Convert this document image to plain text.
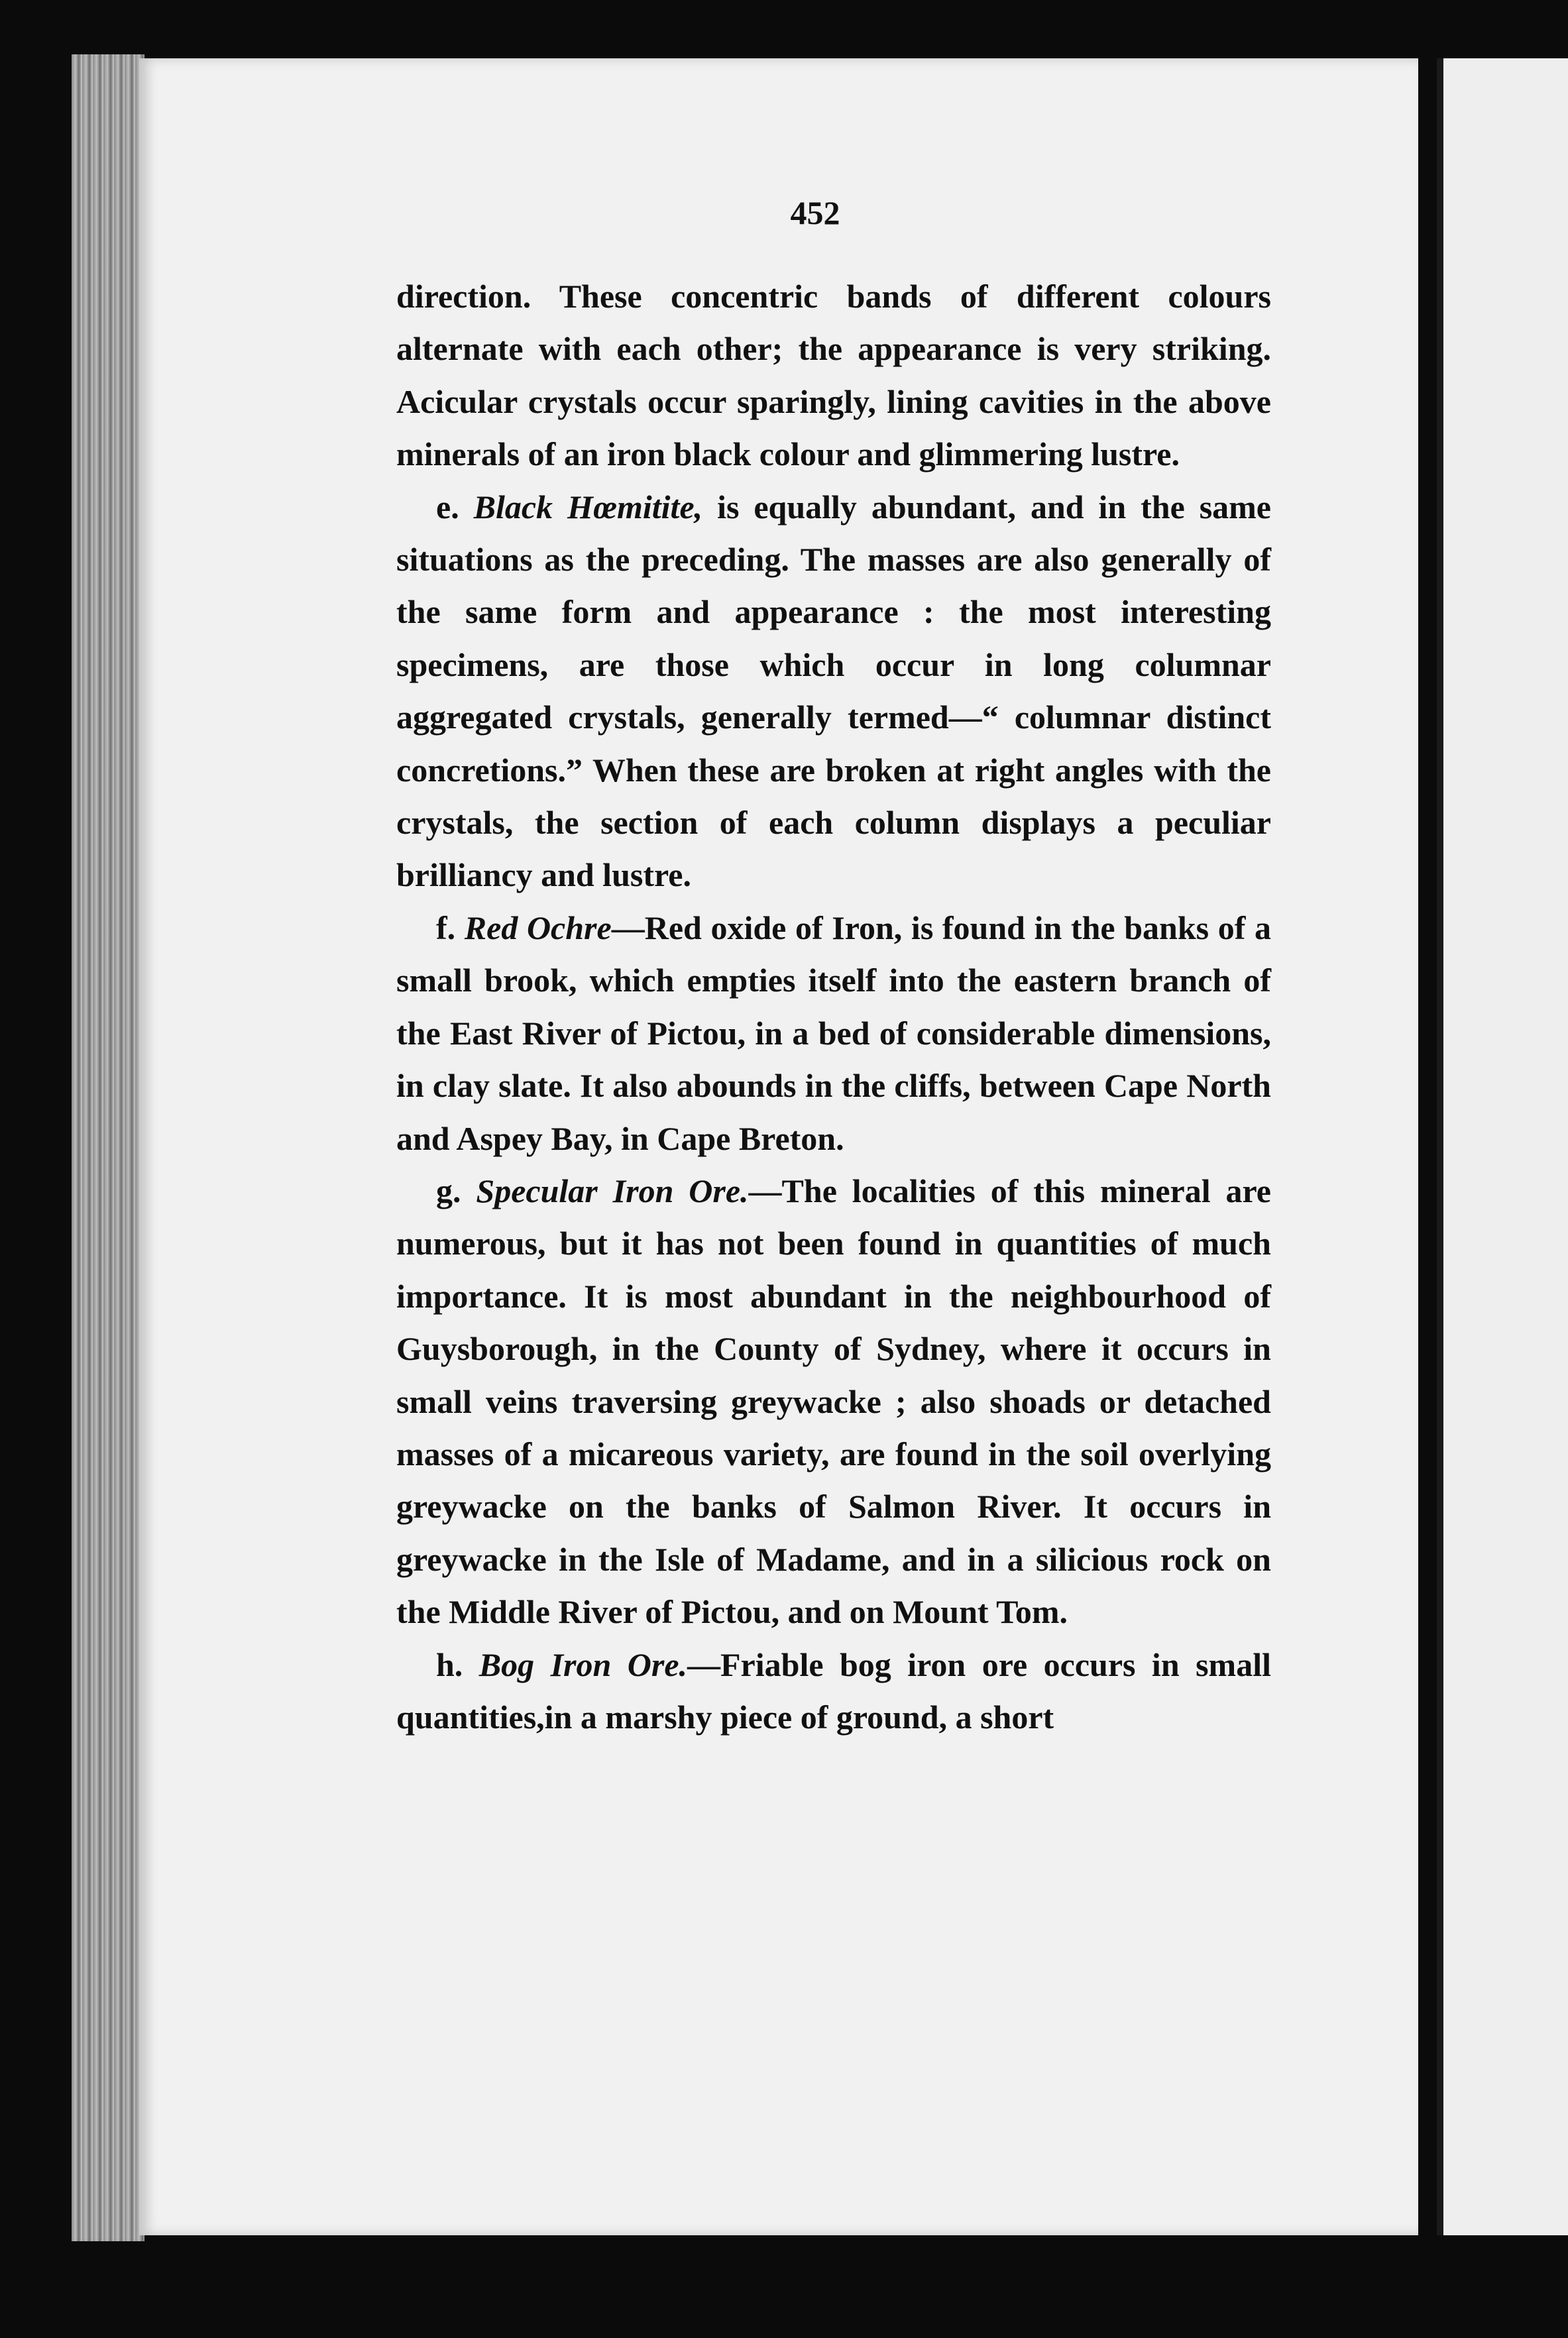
452

direction. These concentric bands of different colours alternate with each other; the appearance is very striking. Acicular crystals occur sparingly, lining cavities in the above minerals of an iron black colour and glimmering lustre.

e. Black Hœmitite, is equally abundant, and in the same situations as the preceding. The masses are also generally of the same form and appearance : the most interesting specimens, are those which occur in long columnar aggregated crystals, generally termed—“ columnar distinct concretions.” When these are broken at right angles with the crystals, the section of each column displays a peculiar brilliancy and lustre.

f. Red Ochre—Red oxide of Iron, is found in the banks of a small brook, which empties itself into the eastern branch of the East River of Pictou, in a bed of considerable dimensions, in clay slate. It also abounds in the cliffs, between Cape North and Aspey Bay, in Cape Breton.

g. Specular Iron Ore.—The localities of this mineral are numerous, but it has not been found in quantities of much importance. It is most abundant in the neighbourhood of Guysborough, in the County of Sydney, where it occurs in small veins traversing greywacke ; also shoads or detached masses of a micareous variety, are found in the soil overlying greywacke on the banks of Salmon River. It occurs in greywacke in the Isle of Madame, and in a silicious rock on the Middle River of Pictou, and on Mount Tom.

h. Bog Iron Ore.—Friable bog iron ore occurs in small quantities,in a marshy piece of ground, a short
